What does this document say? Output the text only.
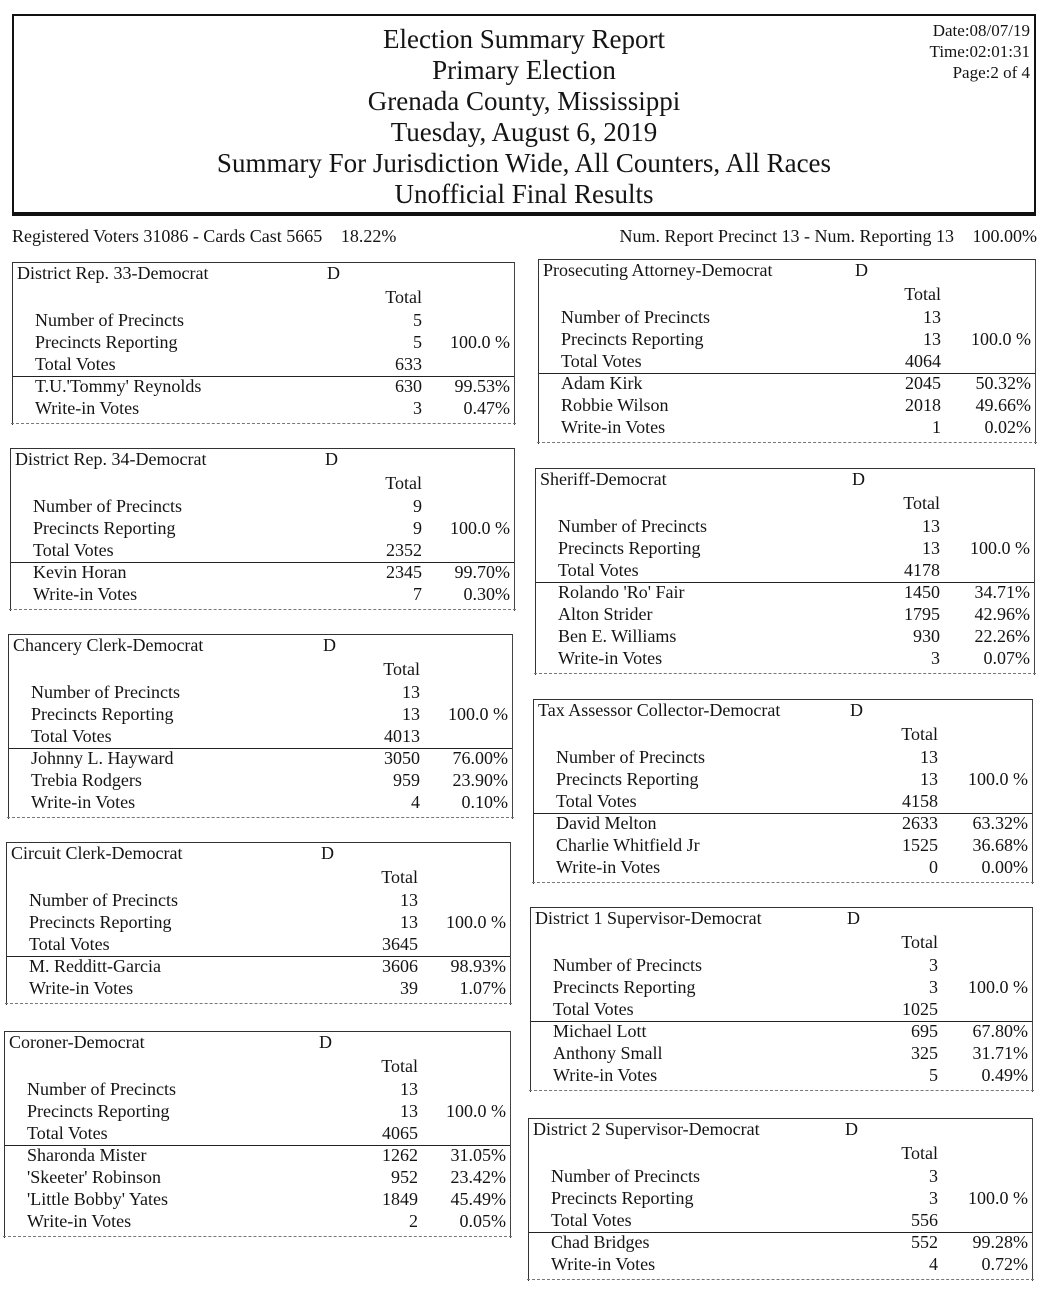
Election Summary Report
Primary Election
Grenada County, Mississippi
Tuesday, August 6, 2019
Summary For Jurisdiction Wide, All Counters, All Races
Unofficial Final Results
Date:08/07/19
Time:02:01:31
Page:2 of 4
Registered Voters 31086 - Cards Cast 5665 18.22%	Num. Report Precinct 13 - Num. Reporting 13 100.00%
District Rep. 33-Democrat	D
Total
Number of Precincts	5
Precincts Reporting	5	100.0 %
Total Votes	633
T.U.'Tommy' Reynolds	630	99.53%
Write-in Votes	3	0.47%
District Rep. 34-Democrat	D
Total
Number of Precincts	9
Precincts Reporting	9	100.0 %
Total Votes	2352
Kevin Horan	2345	99.70%
Write-in Votes	7	0.30%
Chancery Clerk-Democrat	D
Total
Number of Precincts	13
Precincts Reporting	13	100.0 %
Total Votes	4013
Johnny L. Hayward	3050	76.00%
Trebia Rodgers	959	23.90%
Write-in Votes	4	0.10%
Circuit Clerk-Democrat	D
Total
Number of Precincts	13
Precincts Reporting	13	100.0 %
Total Votes	3645
M. Redditt-Garcia	3606	98.93%
Write-in Votes	39	1.07%
Coroner-Democrat	D
Total
Number of Precincts	13
Precincts Reporting	13	100.0 %
Total Votes	4065
Sharonda Mister	1262	31.05%
'Skeeter' Robinson	952	23.42%
'Little Bobby' Yates	1849	45.49%
Write-in Votes	2	0.05%
Prosecuting Attorney-Democrat	D
Total
Number of Precincts	13
Precincts Reporting	13	100.0 %
Total Votes	4064
Adam Kirk	2045	50.32%
Robbie Wilson	2018	49.66%
Write-in Votes	1	0.02%
Sheriff-Democrat	D
Total
Number of Precincts	13
Precincts Reporting	13	100.0 %
Total Votes	4178
Rolando 'Ro' Fair	1450	34.71%
Alton Strider	1795	42.96%
Ben E. Williams	930	22.26%
Write-in Votes	3	0.07%
Tax Assessor Collector-Democrat	D
Total
Number of Precincts	13
Precincts Reporting	13	100.0 %
Total Votes	4158
David Melton	2633	63.32%
Charlie Whitfield Jr	1525	36.68%
Write-in Votes	0	0.00%
District 1 Supervisor-Democrat	D
Total
Number of Precincts	3
Precincts Reporting	3	100.0 %
Total Votes	1025
Michael Lott	695	67.80%
Anthony Small	325	31.71%
Write-in Votes	5	0.49%
District 2 Supervisor-Democrat	D
Total
Number of Precincts	3
Precincts Reporting	3	100.0 %
Total Votes	556
Chad Bridges	552	99.28%
Write-in Votes	4	0.72%
